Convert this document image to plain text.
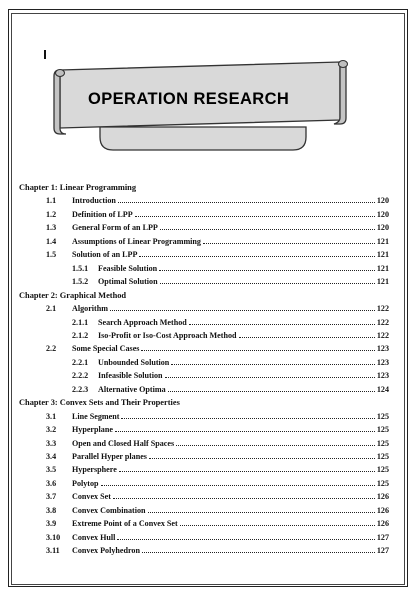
OPERATION RESEARCH
Chapter 1: Linear Programming
1.1	Introduction	120
1.2	Definition of LPP	120
1.3	General Form of an LPP	120
1.4	Assumptions of Linear Programming	121
1.5	Solution of an LPP	121
1.5.1	Feasible Solution	121
1.5.2	Optimal Solution	121
Chapter 2: Graphical Method
2.1	Algorithm	122
2.1.1	Search Approach Method	122
2.1.2	Iso-Profit or Iso-Cost Approach Method	122
2.2	Some Special Cases	123
2.2.1	Unbounded Solution	123
2.2.2	Infeasible Solution	123
2.2.3	Alternative Optima	124
Chapter 3: Convex Sets and Their Properties
3.1	Line Segment	125
3.2	Hyperplane	125
3.3	Open and Closed Half Spaces	125
3.4	Parallel Hyper planes	125
3.5	Hypersphere	125
3.6	Polytop	125
3.7	Convex Set	126
3.8	Convex Combination	126
3.9	Extreme Point of a Convex Set	126
3.10	Convex Hull	127
3.11	Convex Polyhedron	127
